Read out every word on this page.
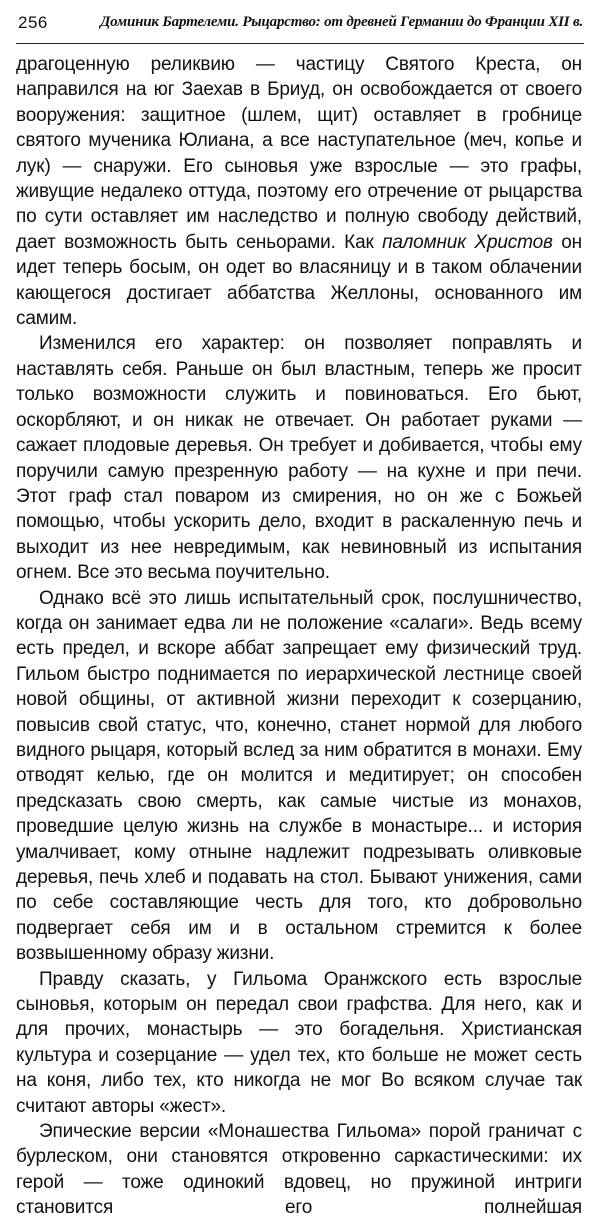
256	Доминик Бартелеми. Рыцарство: от древней Германии до Франции XII в.

драгоценную реликвию — частицу Святого Креста, он направился на юг Заехав в Бриуд, он освобождается от своего вооружения: защитное (шлем, щит) оставляет в гробнице святого мученика Юлиана, а все наступательное (меч, копье и лук) — снаружи. Его сыновья уже взрослые — это графы, живущие недалеко оттуда, поэтому его отречение от рыцарства по сути оставляет им наследство и полную свободу действий, дает возможность быть сеньорами. Как паломник Христов он идет теперь босым, он одет во власяницу и в таком облачении кающегося достигает аббатства Желлоны, основанного им самим.

Изменился его характер: он позволяет поправлять и наставлять себя. Раньше он был властным, теперь же просит только возможности служить и повиноваться. Его бьют, оскорбляют, и он никак не отвечает. Он работает руками — сажает плодовые деревья. Он требует и добивается, чтобы ему поручили самую презренную работу — на кухне и при печи. Этот граф стал поваром из смирения, но он же с Божьей помощью, чтобы ускорить дело, входит в раскаленную печь и выходит из нее невредимым, как невиновный из испытания огнем. Все это весьма поучительно.

Однако всё это лишь испытательный срок, послушничество, когда он занимает едва ли не положение «салаги». Ведь всему есть предел, и вскоре аббат запрещает ему физический труд. Гильом быстро поднимается по иерархической лестнице своей новой общины, от активной жизни переходит к созерцанию, повысив свой статус, что, конечно, станет нормой для любого видного рыцаря, который вслед за ним обратится в монахи. Ему отводят келью, где он молится и медитирует; он способен предсказать свою смерть, как самые чистые из монахов, проведшие целую жизнь на службе в монастыре... и история умалчивает, кому отныне надлежит подрезывать оливковые деревья, печь хлеб и подавать на стол. Бывают унижения, сами по себе составляющие честь для того, кто добровольно подвергает себя им и в остальном стремится к более возвышенному образу жизни.

Правду сказать, у Гильома Оранжского есть взрослые сыновья, которым он передал свои графства. Для него, как и для прочих, монастырь — это богадельня. Христианская культура и созерцание — удел тех, кто больше не может сесть на коня, либо тех, кто никогда не мог Во всяком случае так считают авторы «жест».

Эпические версии «Монашества Гильома» порой граничат с бурлеском, они становятся откровенно саркастическими: их герой — тоже одинокий вдовец, но пружиной интриги становится его полнейшая
